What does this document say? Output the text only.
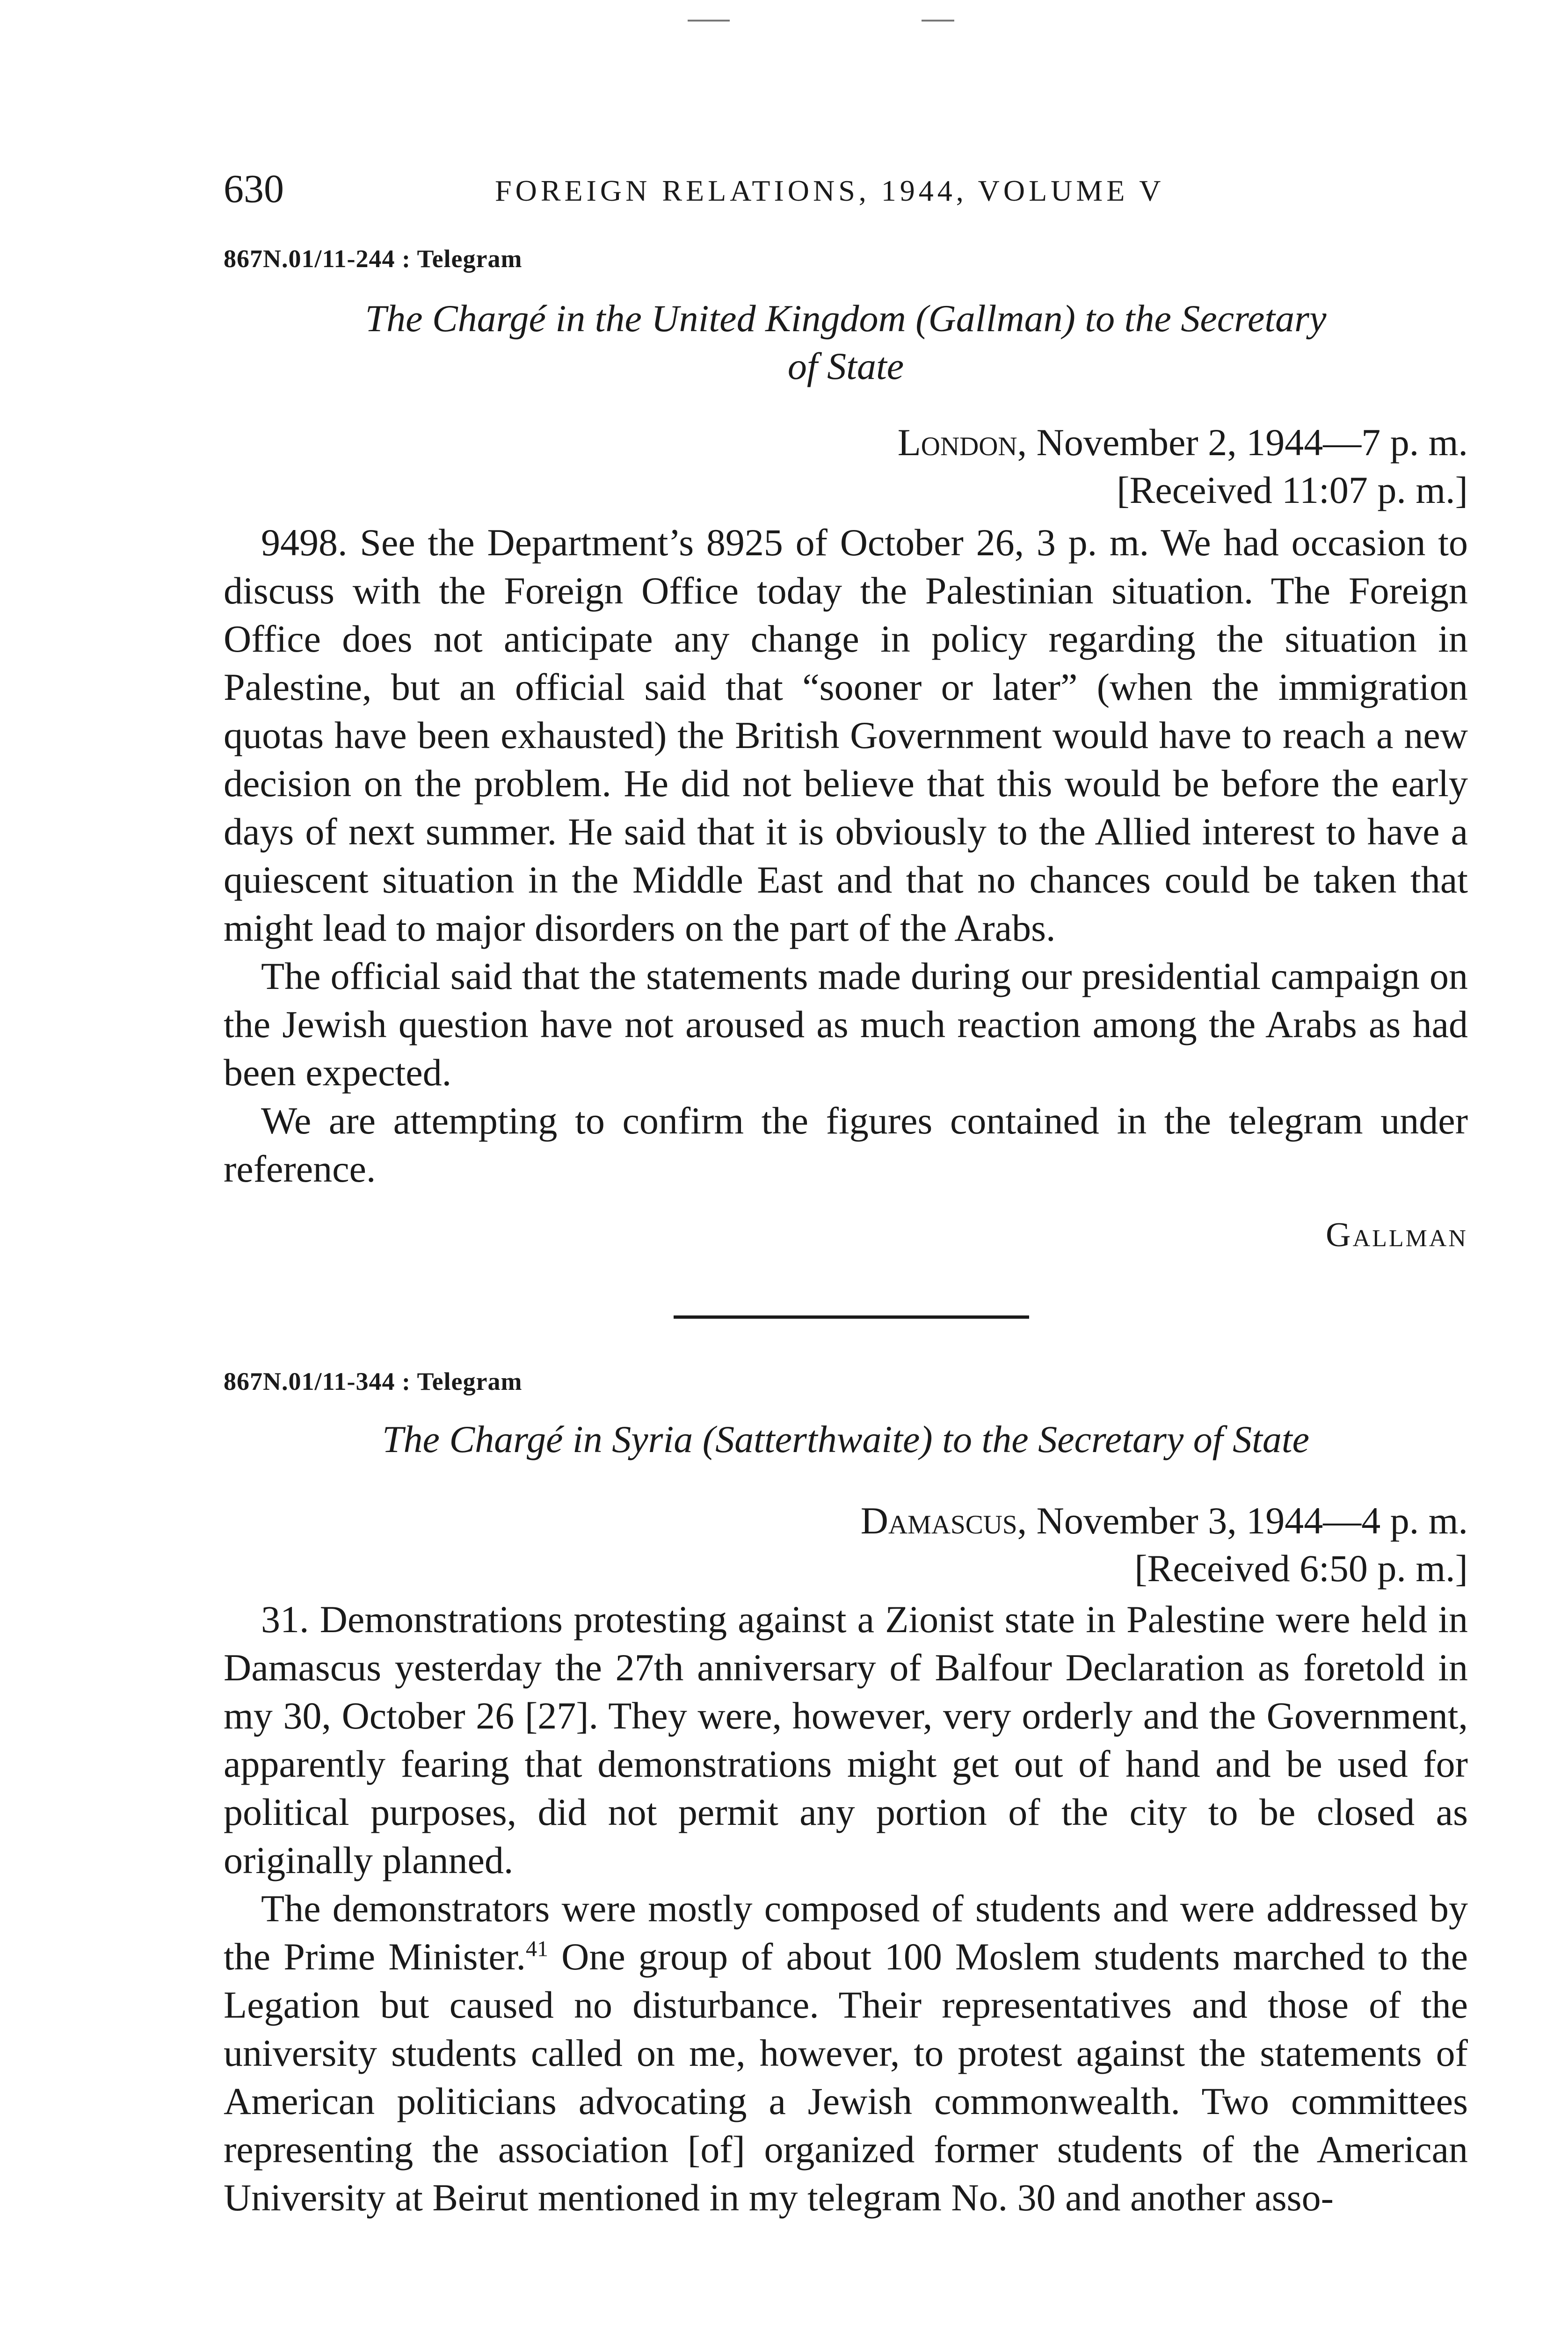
630	FOREIGN RELATIONS, 1944, VOLUME V
867N.01/11-244 : Telegram
The Chargé in the United Kingdom (Gallman) to the Secretary
of State
London, November 2, 1944—7 p. m.
[Received 11:07 p. m.]

9498. See the Department’s 8925 of October 26, 3 p. m. We had occasion to discuss with the Foreign Office today the Palestinian situation. The Foreign Office does not anticipate any change in policy regarding the situation in Palestine, but an official said that “sooner or later” (when the immigration quotas have been exhausted) the British Government would have to reach a new decision on the problem. He did not believe that this would be before the early days of next summer. He said that it is obviously to the Allied interest to have a quiescent situation in the Middle East and that no chances could be taken that might lead to major disorders on the part of the Arabs.

The official said that the statements made during our presidential campaign on the Jewish question have not aroused as much reaction among the Arabs as had been expected.

We are attempting to confirm the figures contained in the telegram under reference.

Gallman
867N.01/11-344 : Telegram
The Chargé in Syria (Satterthwaite) to the Secretary of State
Damascus, November 3, 1944—4 p. m.
[Received 6:50 p. m.]

31. Demonstrations protesting against a Zionist state in Palestine were held in Damascus yesterday the 27th anniversary of Balfour Declaration as foretold in my 30, October 26 [27]. They were, however, very orderly and the Government, apparently fearing that demonstrations might get out of hand and be used for political purposes, did not permit any portion of the city to be closed as originally planned.

The demonstrators were mostly composed of students and were addressed by the Prime Minister.$^{41}$ One group of about 100 Moslem students marched to the Legation but caused no disturbance. Their representatives and those of the university students called on me, however, to protest against the statements of American politicians advocating a Jewish commonwealth. Two committees representing the association [of] organized former students of the American University at Beirut mentioned in my telegram No. 30 and another asso-
